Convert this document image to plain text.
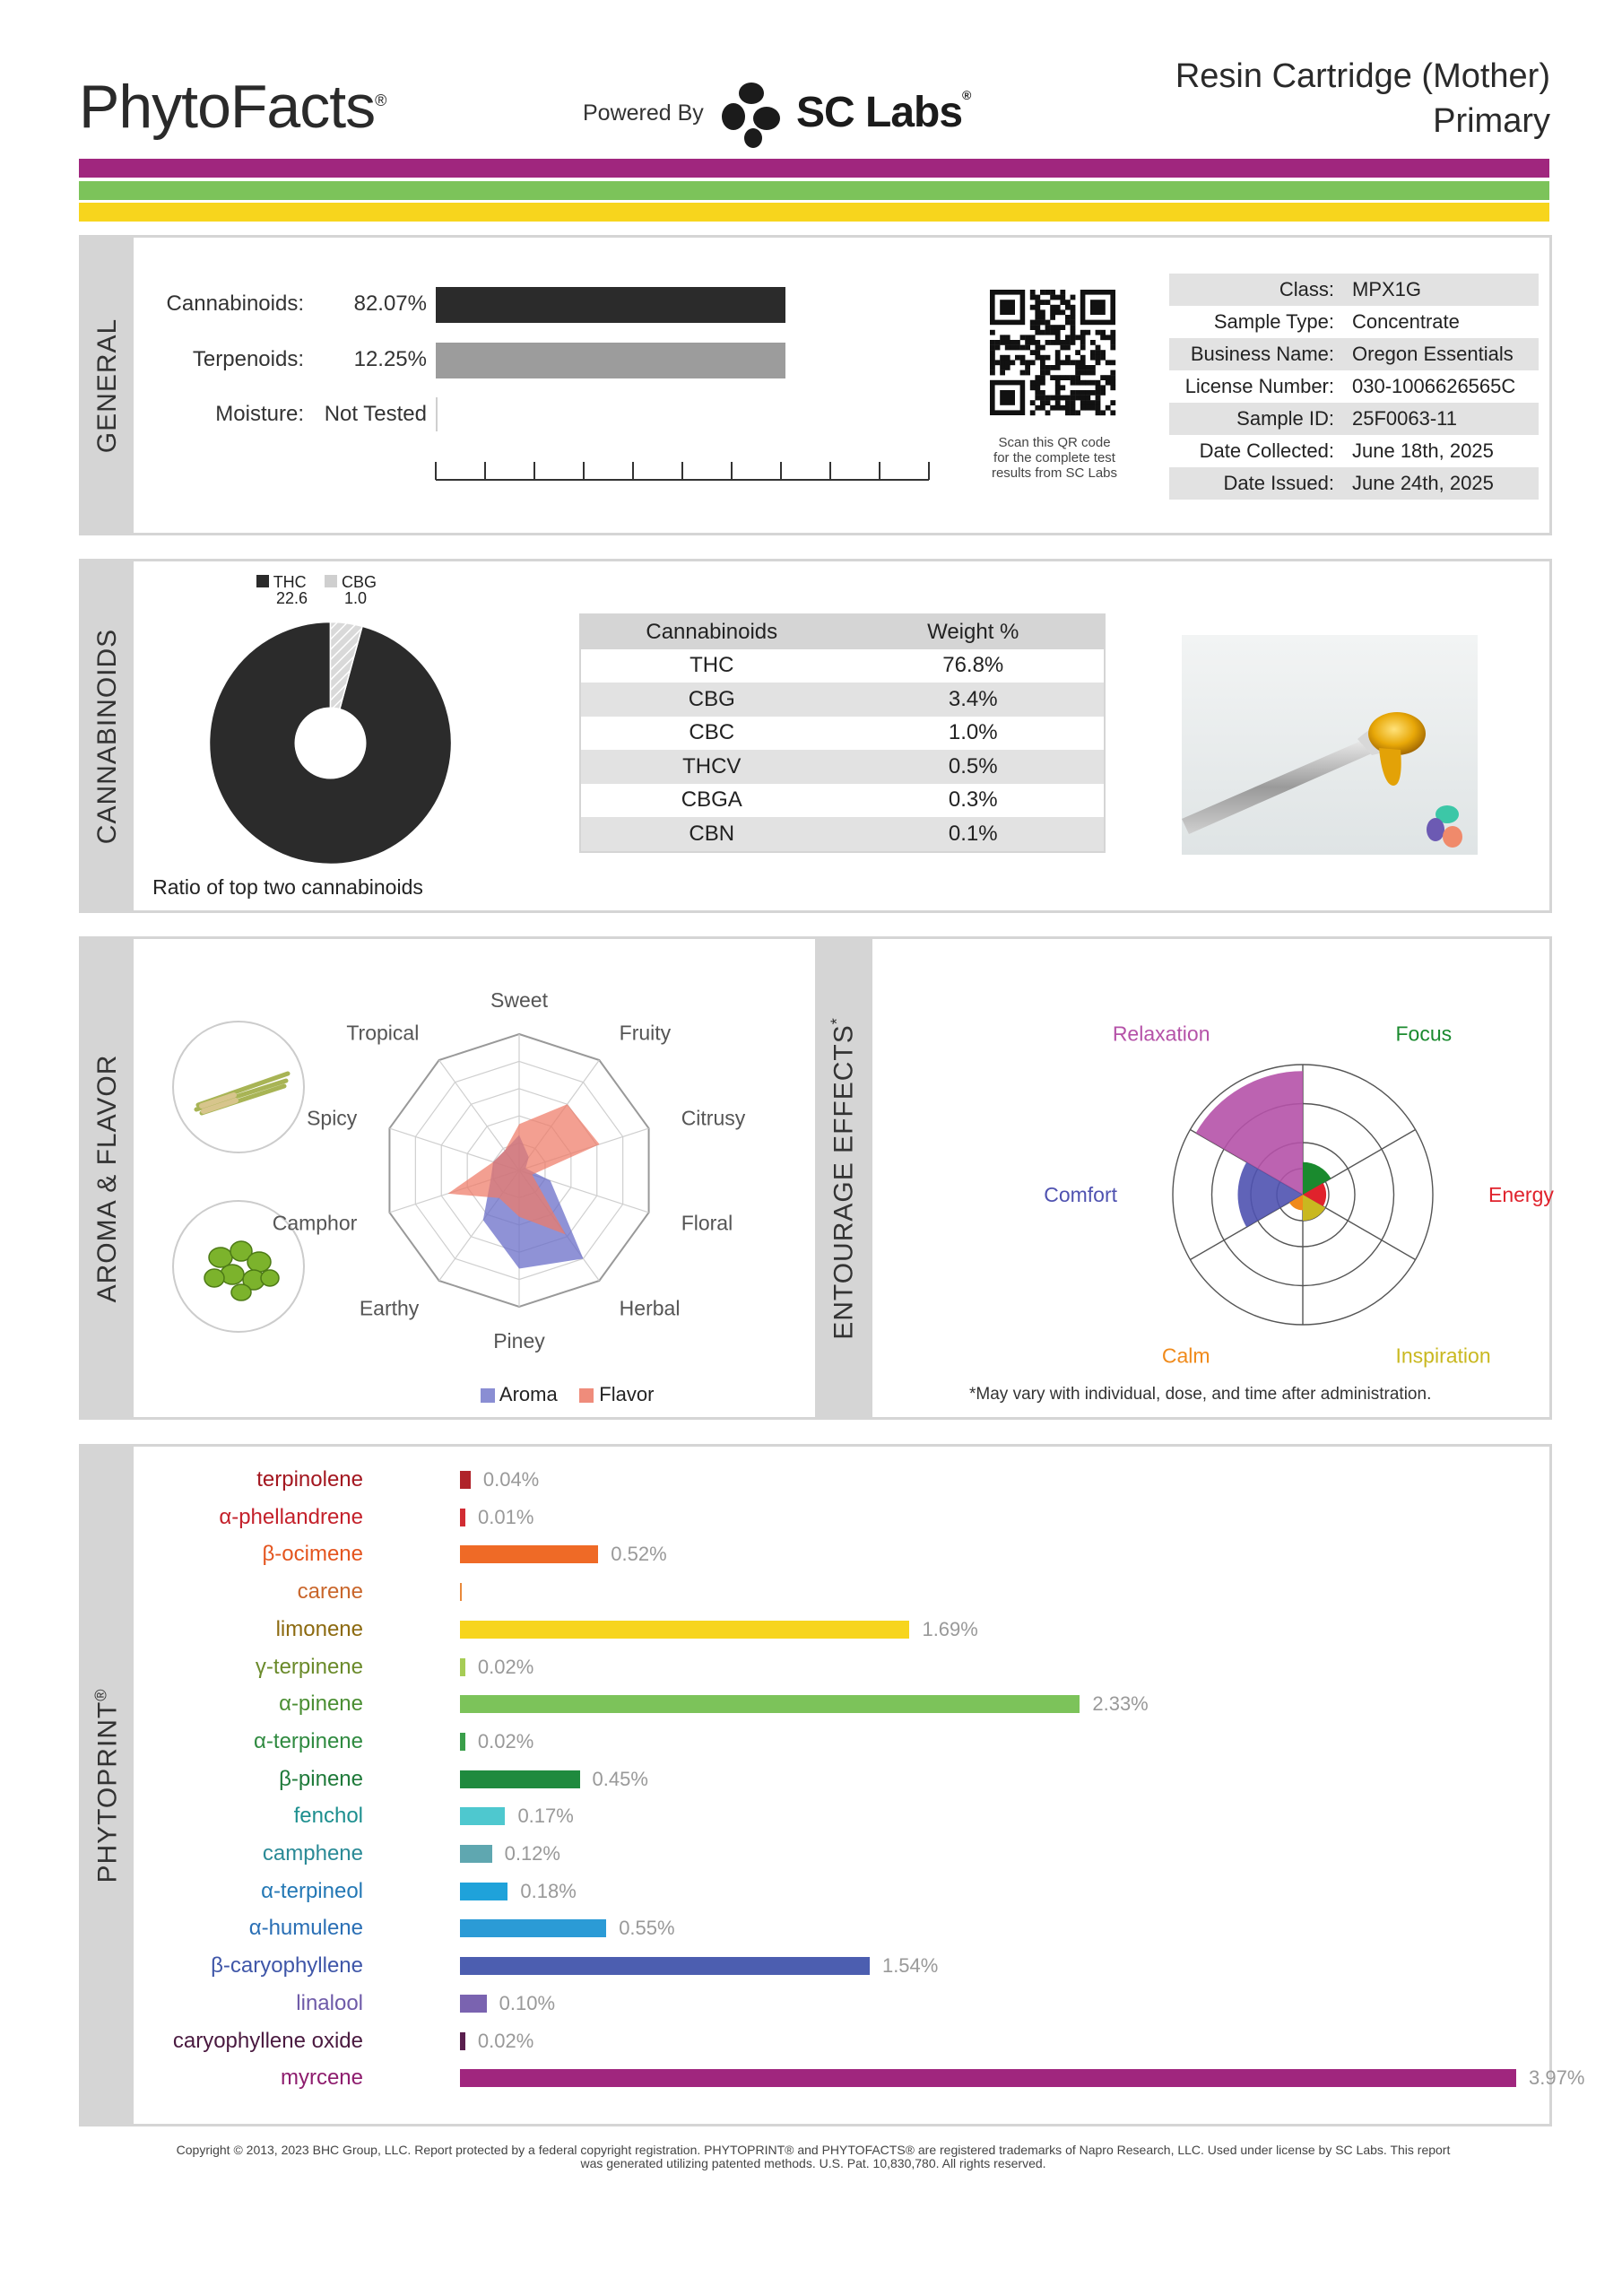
PhytoFacts®	Powered By SC Labs®	Resin Cartridge (Mother)
Primary
GENERAL
Cannabinoids:	82.07%
Terpenoids:	12.25%
Moisture: Not Tested
Scan this QR code
for the complete test
results from SC Labs
Class: MPX1G
Sample Type: Concentrate
Business Name: Oregon Essentials
License Number: 030-1006626565C
Sample ID: 25F0063-11
Date Collected: June 18th, 2025
Date Issued: June 24th, 2025
CANNABINOIDS
THC
22.6
CBG
1.0
Ratio of top two cannabinoids
Cannabinoids	Weight %
THC	76.8%
CBG	3.4%
CBC	1.0%
THCV	0.5%
CBGA	0.3%
CBN	0.1%
AROMA & FLAVOR
Sweet
Fruity
Citrusy
Floral
Herbal
Piney
Earthy
Camphor
Spicy
Tropical
Aroma Flavor
ENTOURAGE EFFECTS*
Focus
Energy
Inspiration
Calm
Comfort
Relaxation
*May vary with individual, dose, and time after administration.
PHYTOPRINT®
terpinolene	0.04%
α-phellandrene	0.01%
β-ocimene	0.52%
carene
limonene	1.69%
γ-terpinene	0.02%
α-pinene	2.33%
α-terpinene	0.02%
β-pinene	0.45%
fenchol	0.17%
camphene	0.12%
α-terpineol	0.18%
α-humulene	0.55%
β-caryophyllene	1.54%
linalool	0.10%
caryophyllene oxide	0.02%
myrcene	3.97%
Copyright © 2013, 2023 BHC Group, LLC. Report protected by a federal copyright registration. PHYTOPRINT® and PHYTOFACTS® are registered trademarks of Napro Research, LLC. Used under license by SC Labs. This report
was generated utilizing patented methods. U.S. Pat. 10,830,780. All rights reserved.
